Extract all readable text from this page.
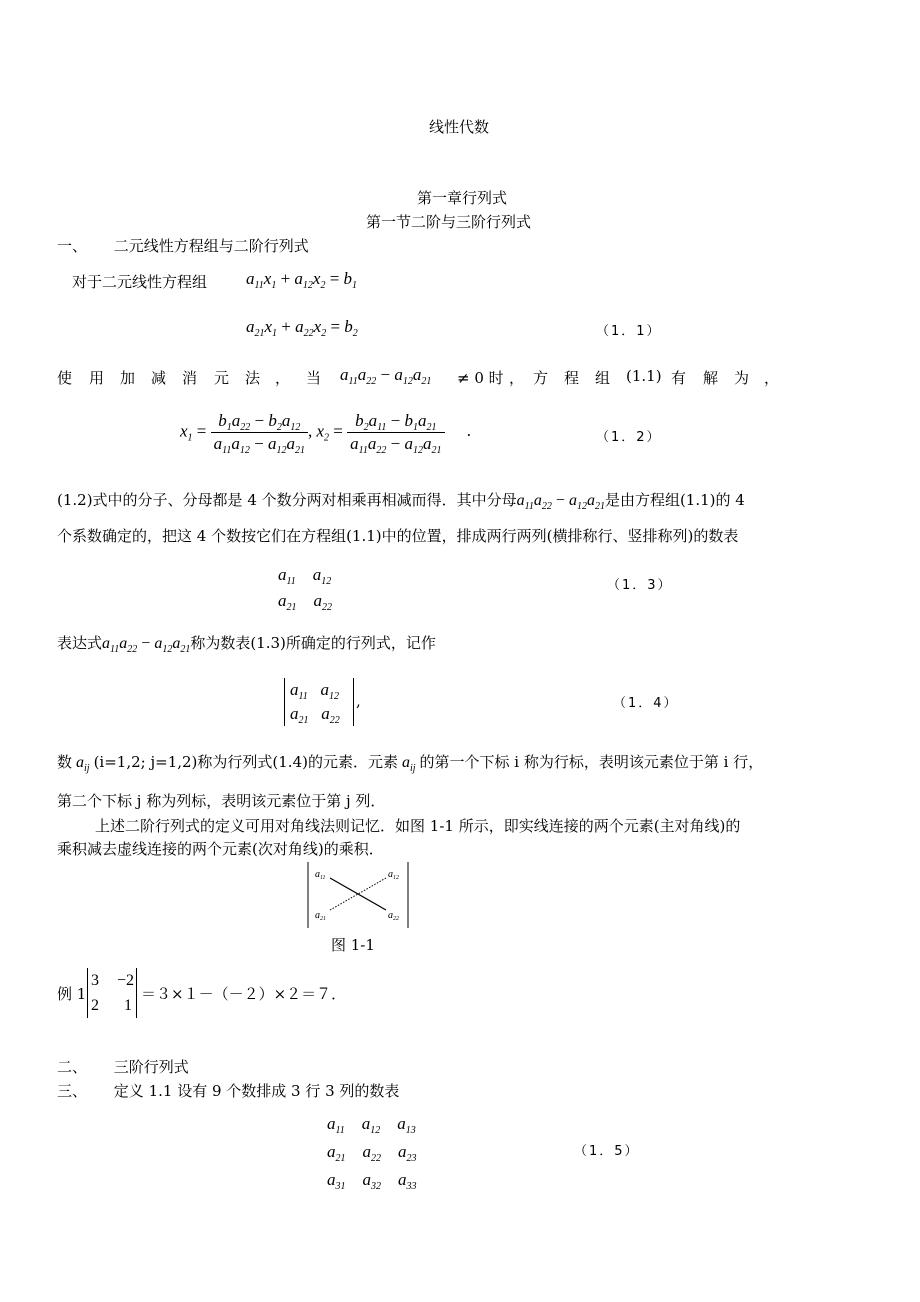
线性代数
第一章行列式
第一节二阶与三阶行列式
一、 二元线性方程组与二阶行列式
对于二元线性方程组 $a_{11}x_1 + a_{12}x_2 = b_1$
$a_{21}x_1 + a_{22}x_2 = b_2$	（1．1）
使 用 加 减 消 元 法 ， 当 $a_{11}a_{22} - a_{12}a_{21} \ne 0$ 时 ， 方 程 组 (1.1) 有 解 为 ，
$x_1 = \frac{b_1a_{22} - b_2a_{12}}{a_{11}a_{12} - a_{12}a_{21}}$ , $x_2 = \frac{b_2a_{11} - b_1a_{21}}{a_{11}a_{22} - a_{12}a_{21}}$ .	（1．2）
(1.2)式中的分子、分母都是 4 个数分两对相乘再相减而得．其中分母$a_{11}a_{22} - a_{12}a_{21}$是由方程组(1.1)的 4
个系数确定的，把这 4 个数按它们在方程组(1.1)中的位置，排成两行两列(横排称行、竖排称列)的数表
$a_{11}$    $a_{12}$
$a_{21}$    $a_{22}$
（1．3）
表达式$a_{11}a_{22} - a_{12}a_{21}$称为数表(1.3)所确定的行列式，记作
$a_{11}$   $a_{12}$
$a_{21}$   $a_{22}$
,	（1．4）
数 $a_{ij}$ (i=1,2; j=1,2)称为行列式(1.4)的元素．元素 $a_{ij}$ 的第一个下标 i 称为行标，表明该元素位于第 i 行，
第二个下标 j 称为列标，表明该元素位于第 j 列．
上述二阶行列式的定义可用对角线法则记忆．如图 1-1 所示，即实线连接的两个元素(主对角线)的
乘积减去虚线连接的两个元素(次对角线)的乘积．
$a_{11}$	$a_{12}$
$a_{21}$	$a_{22}$
图 1-1
例 1
3 −2
2 1
＝３×１－（－２）×２＝７．
二、 三阶行列式
三、 定义 1.1 设有 9 个数排成 3 行 3 列的数表
$a_{11}$    $a_{12}$    $a_{13}$
$a_{21}$    $a_{22}$    $a_{23}$
$a_{31}$    $a_{32}$    $a_{33}$
（1．5）
